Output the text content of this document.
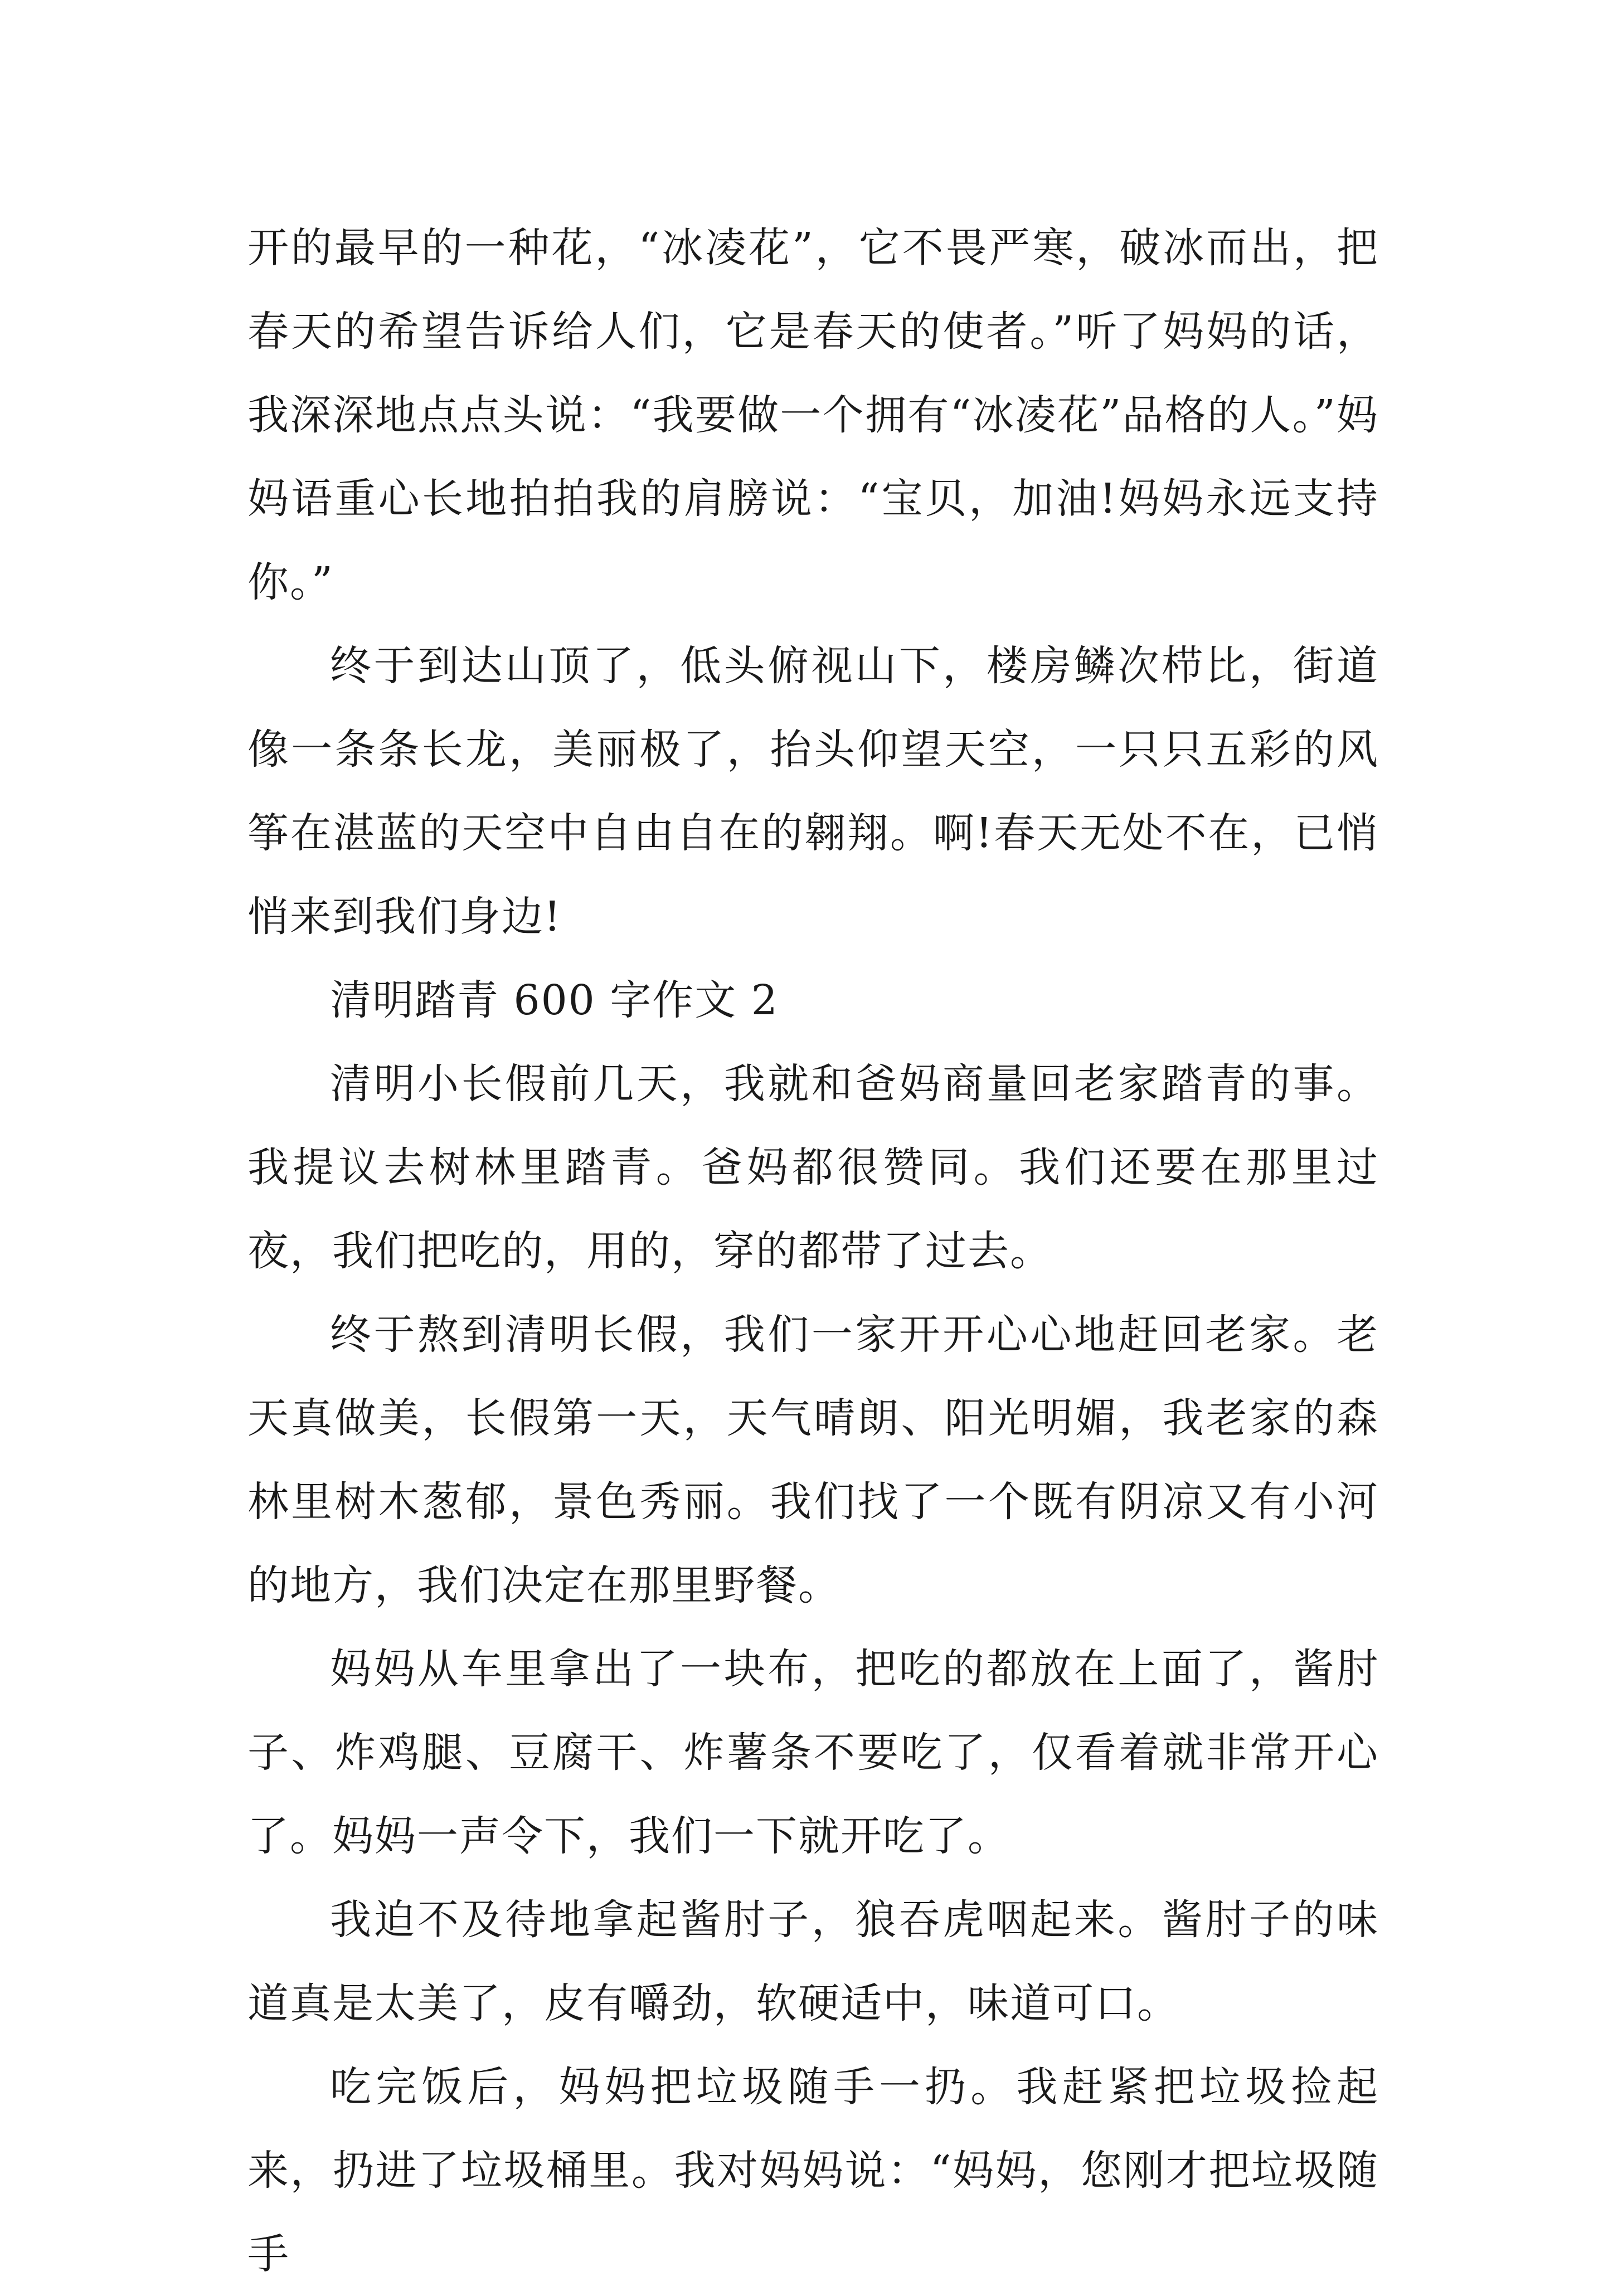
开的最早的一种花，“冰凌花”，它不畏严寒，破冰而出，把春天的希望告诉给人们，它是春天的使者。”听了妈妈的话，我深深地点点头说：“我要做一个拥有“冰凌花”品格的人。”妈妈语重心长地拍拍我的肩膀说：“宝贝，加油!妈妈永远支持你。”

终于到达山顶了，低头俯视山下，楼房鳞次栉比，街道像一条条长龙，美丽极了，抬头仰望天空，一只只五彩的风筝在湛蓝的天空中自由自在的翱翔。啊!春天无处不在，已悄悄来到我们身边!

清明踏青 600 字作文 2

清明小长假前几天，我就和爸妈商量回老家踏青的事。我提议去树林里踏青。爸妈都很赞同。我们还要在那里过夜，我们把吃的，用的，穿的都带了过去。

终于熬到清明长假，我们一家开开心心地赶回老家。老天真做美，长假第一天，天气晴朗、阳光明媚，我老家的森林里树木葱郁，景色秀丽。我们找了一个既有阴凉又有小河的地方，我们决定在那里野餐。

妈妈从车里拿出了一块布，把吃的都放在上面了，酱肘子、炸鸡腿、豆腐干、炸薯条不要吃了，仅看着就非常开心了。妈妈一声令下，我们一下就开吃了。

我迫不及待地拿起酱肘子，狼吞虎咽起来。酱肘子的味道真是太美了，皮有嚼劲，软硬适中，味道可口。

吃完饭后，妈妈把垃圾随手一扔。我赶紧把垃圾捡起来，扔进了垃圾桶里。我对妈妈说：“妈妈，您刚才把垃圾随手
